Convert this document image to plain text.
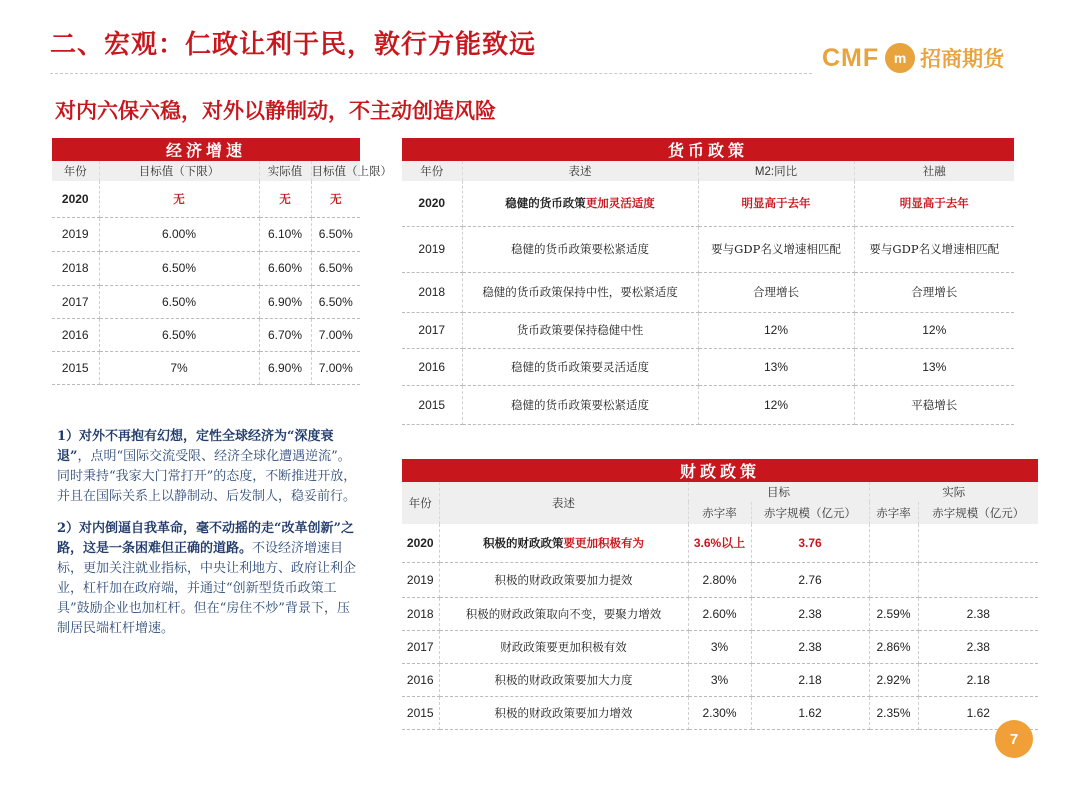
二、宏观：仁政让利于民，敦行方能致远	CMF	m 招商期货
对内六保六稳，对外以静制动，不主动创造风险
经济增速			
年份	目标值（下限）	实际值	目标值（上限）
2020	无	无	无
2019	6.00%	6.10%	6.50%
2018	6.50%	6.60%	6.50%
2017	6.50%	6.90%	6.50%
2016	6.50%	6.70%	7.00%
2015	7%	6.90%	7.00%
货币政策			
年份	表述	M2:同比	社融
2020	稳健的货币政策更加灵活适度	明显高于去年	明显高于去年
2019	稳健的货币政策要松紧适度	要与GDP名义增速相匹配	要与GDP名义增速相匹配
2018	稳健的货币政策保持中性，要松紧适度	合理增长	合理增长
2017	货币政策要保持稳健中性	12%	12%
2016	稳健的货币政策要灵活适度	13%	13%
2015	稳健的货币政策要松紧适度	12%	平稳增长

1）对外不再抱有幻想，定性全球经济为“深度衰退”，点明“国际交流受限、经济全球化遭遇逆流”。同时秉持“我家大门常打开”的态度，不断推进开放，并且在国际关系上以静制动、后发制人，稳妥前行。

2）对内倒逼自我革命，毫不动摇的走“改革创新”之路，这是一条困难但正确的道路。不设经济增速目标，更加关注就业指标，中央让利地方、政府让利企业，杠杆加在政府端，并通过“创新型货币政策工具”鼓励企业也加杠杆。但在“房住不炒”背景下，压制居民端杠杆增速。

财政政策					
年份	表述	目标		实际	
		赤字率	赤字规模（亿元）	赤字率	赤字规模（亿元）
2020	积极的财政政策要更加积极有为	3.6%以上	3.76		
2019	积极的财政政策要加力提效	2.80%	2.76		
2018	积极的财政政策取向不变，要聚力增效	2.60%	2.38	2.59%	2.38
2017	财政政策要更加积极有效	3%	2.38	2.86%	2.38
2016	积极的财政政策要加大力度	3%	2.18	2.92%	2.18
2015	积极的财政政策要加力增效	2.30%	1.62	2.35%	1.62
7
